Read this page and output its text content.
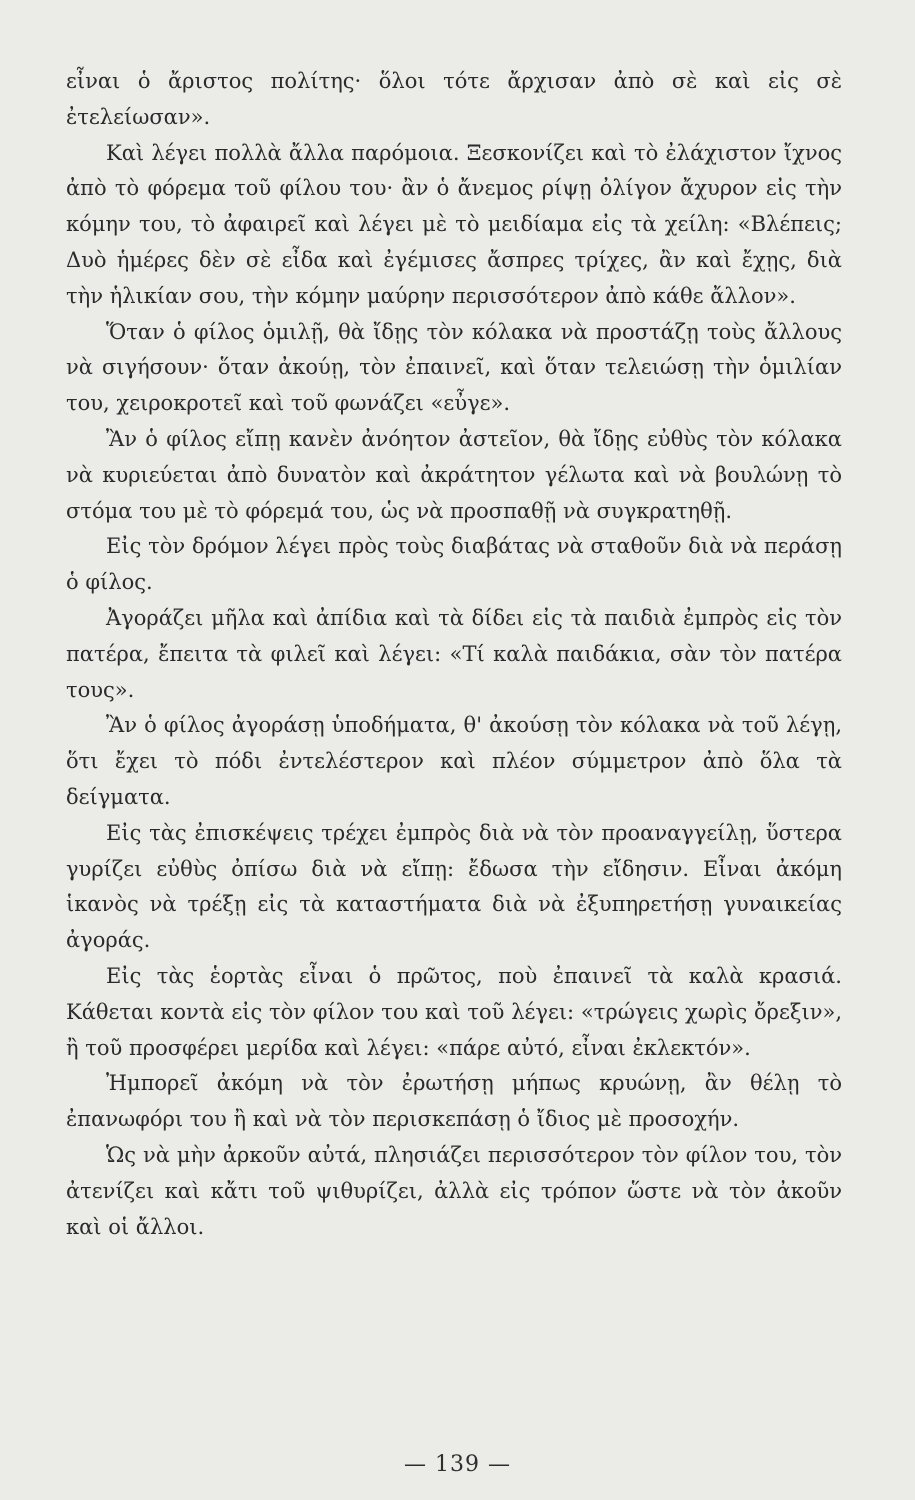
εἶναι ὁ ἄριστος πολίτης· ὅλοι τότε ἄρχισαν ἀπὸ σὲ καὶ εἰς σὲ ἐτελείωσαν».

Καὶ λέγει πολλὰ ἄλλα παρόμοια. Ξεσκονίζει καὶ τὸ ἐλάχιστον ἴχνος ἀπὸ τὸ φόρεμα τοῦ φίλου του· ἂν ὁ ἄνεμος ρίψῃ ὀλίγον ἄχυρον εἰς τὴν κόμην του, τὸ ἀφαιρεῖ καὶ λέγει μὲ τὸ μειδίαμα εἰς τὰ χείλη: «Βλέπεις; Δυὸ ἡμέρες δὲν σὲ εἶδα καὶ ἐγέμισες ἄσπρες τρίχες, ἂν καὶ ἔχῃς, διὰ τὴν ἡλικίαν σου, τὴν κόμην μαύρην περισσότερον ἀπὸ κάθε ἄλλον».

Ὅταν ὁ φίλος ὁμιλῇ, θὰ ἴδῃς τὸν κόλακα νὰ προστάζῃ τοὺς ἄλλους νὰ σιγήσουν· ὅταν ἀκούῃ, τὸν ἐπαινεῖ, καὶ ὅταν τελειώσῃ τὴν ὁμιλίαν του, χειροκροτεῖ καὶ τοῦ φωνάζει «εὖγε».

Ἂν ὁ φίλος εἴπῃ κανὲν ἀνόητον ἀστεῖον, θὰ ἴδῃς εὐθὺς τὸν κόλακα νὰ κυριεύεται ἀπὸ δυνατὸν καὶ ἀκράτητον γέλωτα καὶ νὰ βουλώνῃ τὸ στόμα του μὲ τὸ φόρεμά του, ὡς νὰ προσπαθῇ νὰ συγκρατηθῇ.

Εἰς τὸν δρόμον λέγει πρὸς τοὺς διαβάτας νὰ σταθοῦν διὰ νὰ περάσῃ ὁ φίλος.

Ἀγοράζει μῆλα καὶ ἀπίδια καὶ τὰ δίδει εἰς τὰ παιδιὰ ἐμπρὸς εἰς τὸν πατέρα, ἔπειτα τὰ φιλεῖ καὶ λέγει: «Τί καλὰ παιδάκια, σὰν τὸν πατέρα τους».

Ἂν ὁ φίλος ἀγοράσῃ ὑποδήματα, θ' ἀκούσῃ τὸν κόλακα νὰ τοῦ λέγῃ, ὅτι ἔχει τὸ πόδι ἐντελέστερον καὶ πλέον σύμμετρον ἀπὸ ὅλα τὰ δείγματα.

Εἰς τὰς ἐπισκέψεις τρέχει ἐμπρὸς διὰ νὰ τὸν προαναγγείλῃ, ὕστερα γυρίζει εὐθὺς ὀπίσω διὰ νὰ εἴπῃ: ἔδωσα τὴν εἴδησιν. Εἶναι ἀκόμη ἱκανὸς νὰ τρέξῃ εἰς τὰ καταστήματα διὰ νὰ ἐξυπηρετήσῃ γυναικείας ἀγοράς.

Εἰς τὰς ἑορτὰς εἶναι ὁ πρῶτος, ποὺ ἐπαινεῖ τὰ καλὰ κρασιά. Κάθεται κοντὰ εἰς τὸν φίλον του καὶ τοῦ λέγει: «τρώγεις χωρὶς ὄρεξιν», ἢ τοῦ προσφέρει μερίδα καὶ λέγει: «πάρε αὐτό, εἶναι ἐκλεκτόν».

Ἠμπορεῖ ἀκόμη νὰ τὸν ἐρωτήσῃ μήπως κρυώνῃ, ἂν θέλῃ τὸ ἐπανωφόρι του ἢ καὶ νὰ τὸν περισκεπάσῃ ὁ ἴδιος μὲ προσοχήν.

Ὡς νὰ μὴν ἀρκοῦν αὐτά, πλησιάζει περισσότερον τὸν φίλον του, τὸν ἀτενίζει καὶ κἄτι τοῦ ψιθυρίζει, ἀλλὰ εἰς τρόπον ὥστε νὰ τὸν ἀκοῦν καὶ οἱ ἄλλοι.

— 139 —
